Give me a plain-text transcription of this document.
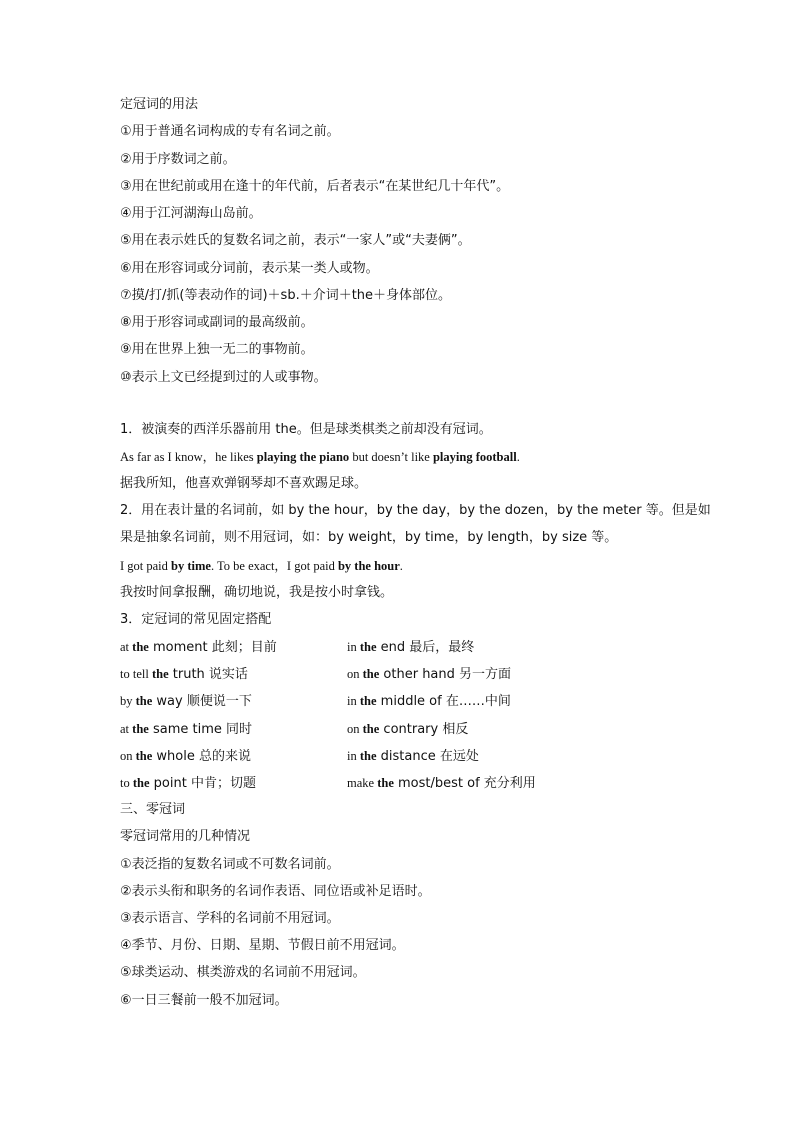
定冠词的用法
①用于普通名词构成的专有名词之前。
②用于序数词之前。
③用在世纪前或用在逢十的年代前，后者表示“在某世纪几十年代”。
④用于江河湖海山岛前。
⑤用在表示姓氏的复数名词之前，表示“一家人”或“夫妻俩”。
⑥用在形容词或分词前，表示某一类人或物。
⑦摸/打/抓(等表动作的词)＋sb.＋介词＋the＋身体部位。
⑧用于形容词或副词的最高级前。
⑨用在世界上独一无二的事物前。
⑩表示上文已经提到过的人或事物。
1．被演奏的西洋乐器前用 the。但是球类棋类之前却没有冠词。
As far as I know，he likes playing the piano but doesn’t like playing football.
据我所知，他喜欢弹钢琴却不喜欢踢足球。
2．用在表计量的名词前，如 by the hour，by the day，by the dozen，by the meter 等。但是如
果是抽象名词前，则不用冠词，如：by weight，by time，by length，by size 等。
I got paid by time. To be exact，I got paid by the hour.
我按时间拿报酬，确切地说，我是按小时拿钱。
3．定冠词的常见固定搭配
at the moment 此刻；目前	in the end 最后，最终
to tell the truth 说实话	on the other hand 另一方面
by the way 顺便说一下	in the middle of 在……中间
at the same time 同时	on the contrary 相反
on the whole 总的来说	in the distance 在远处
to the point 中肯；切题	make the most/best of 充分利用
三、零冠词
零冠词常用的几种情况
①表泛指的复数名词或不可数名词前。
②表示头衔和职务的名词作表语、同位语或补足语时。
③表示语言、学科的名词前不用冠词。
④季节、月份、日期、星期、节假日前不用冠词。
⑤球类运动、棋类游戏的名词前不用冠词。
⑥一日三餐前一般不加冠词。
